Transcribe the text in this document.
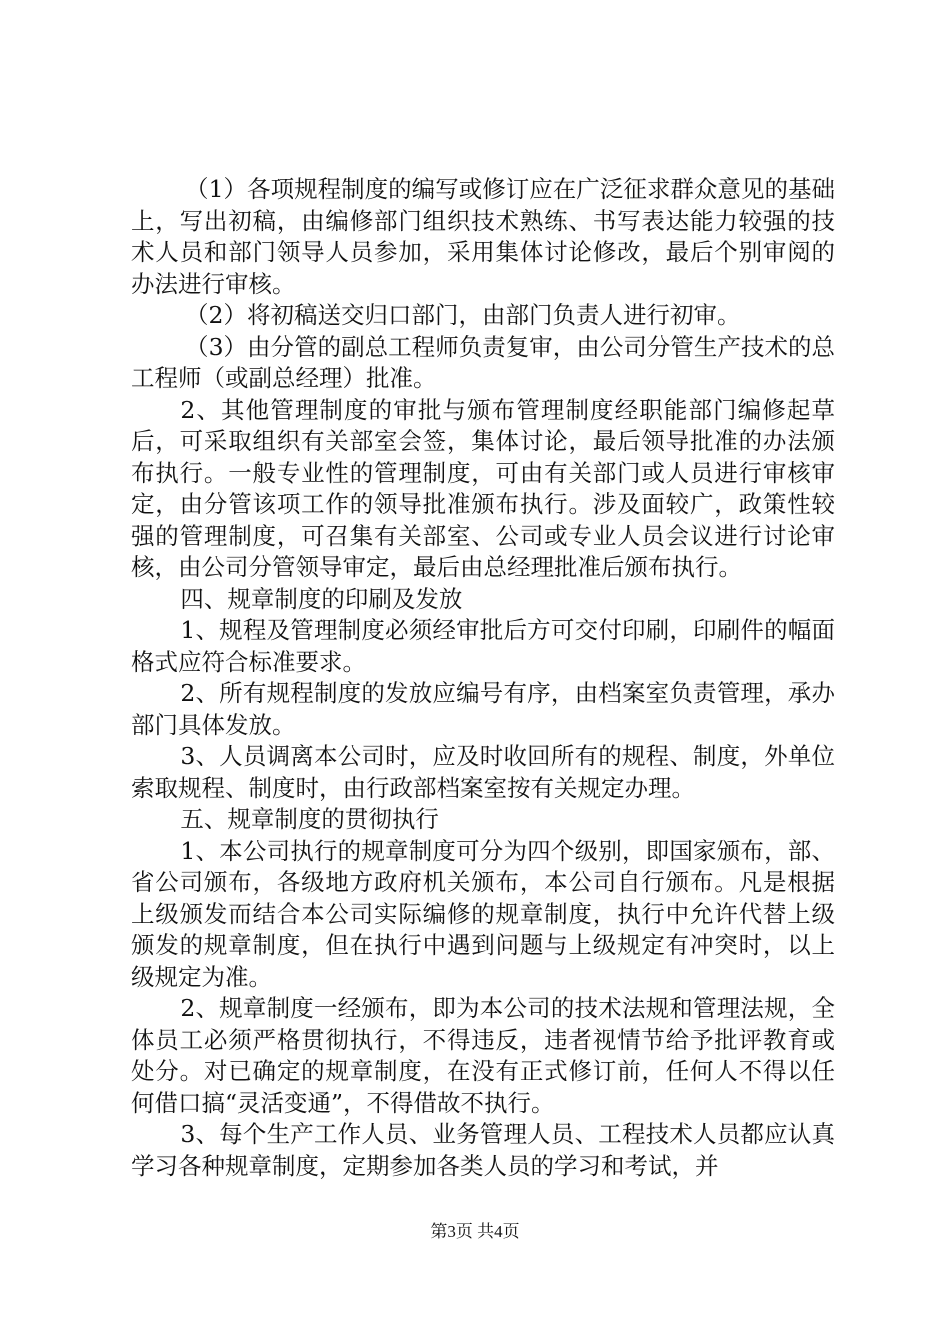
（1）各项规程制度的编写或修订应在广泛征求群众意见的基础上，写出初稿，由编修部门组织技术熟练、书写表达能力较强的技术人员和部门领导人员参加，采用集体讨论修改，最后个别审阅的办法进行审核。

（2）将初稿送交归口部门，由部门负责人进行初审。

（3）由分管的副总工程师负责复审，由公司分管生产技术的总工程师（或副总经理）批准。

2、其他管理制度的审批与颁布管理制度经职能部门编修起草后，可采取组织有关部室会签，集体讨论，最后领导批准的办法颁布执行。一般专业性的管理制度，可由有关部门或人员进行审核审定，由分管该项工作的领导批准颁布执行。涉及面较广，政策性较强的管理制度，可召集有关部室、公司或专业人员会议进行讨论审核，由公司分管领导审定，最后由总经理批准后颁布执行。

四、规章制度的印刷及发放

1、规程及管理制度必须经审批后方可交付印刷，印刷件的幅面格式应符合标准要求。

2、所有规程制度的发放应编号有序，由档案室负责管理，承办部门具体发放。

3、人员调离本公司时，应及时收回所有的规程、制度，外单位索取规程、制度时，由行政部档案室按有关规定办理。

五、规章制度的贯彻执行

1、本公司执行的规章制度可分为四个级别，即国家颁布，部、省公司颁布，各级地方政府机关颁布，本公司自行颁布。凡是根据上级颁发而结合本公司实际编修的规章制度，执行中允许代替上级颁发的规章制度，但在执行中遇到问题与上级规定有冲突时，以上级规定为准。

2、规章制度一经颁布，即为本公司的技术法规和管理法规，全体员工必须严格贯彻执行，不得违反，违者视情节给予批评教育或处分。对已确定的规章制度，在没有正式修订前，任何人不得以任何借口搞“灵活变通”，不得借故不执行。

3、每个生产工作人员、业务管理人员、工程技术人员都应认真学习各种规章制度，定期参加各类人员的学习和考试，并

第3页 共4页
